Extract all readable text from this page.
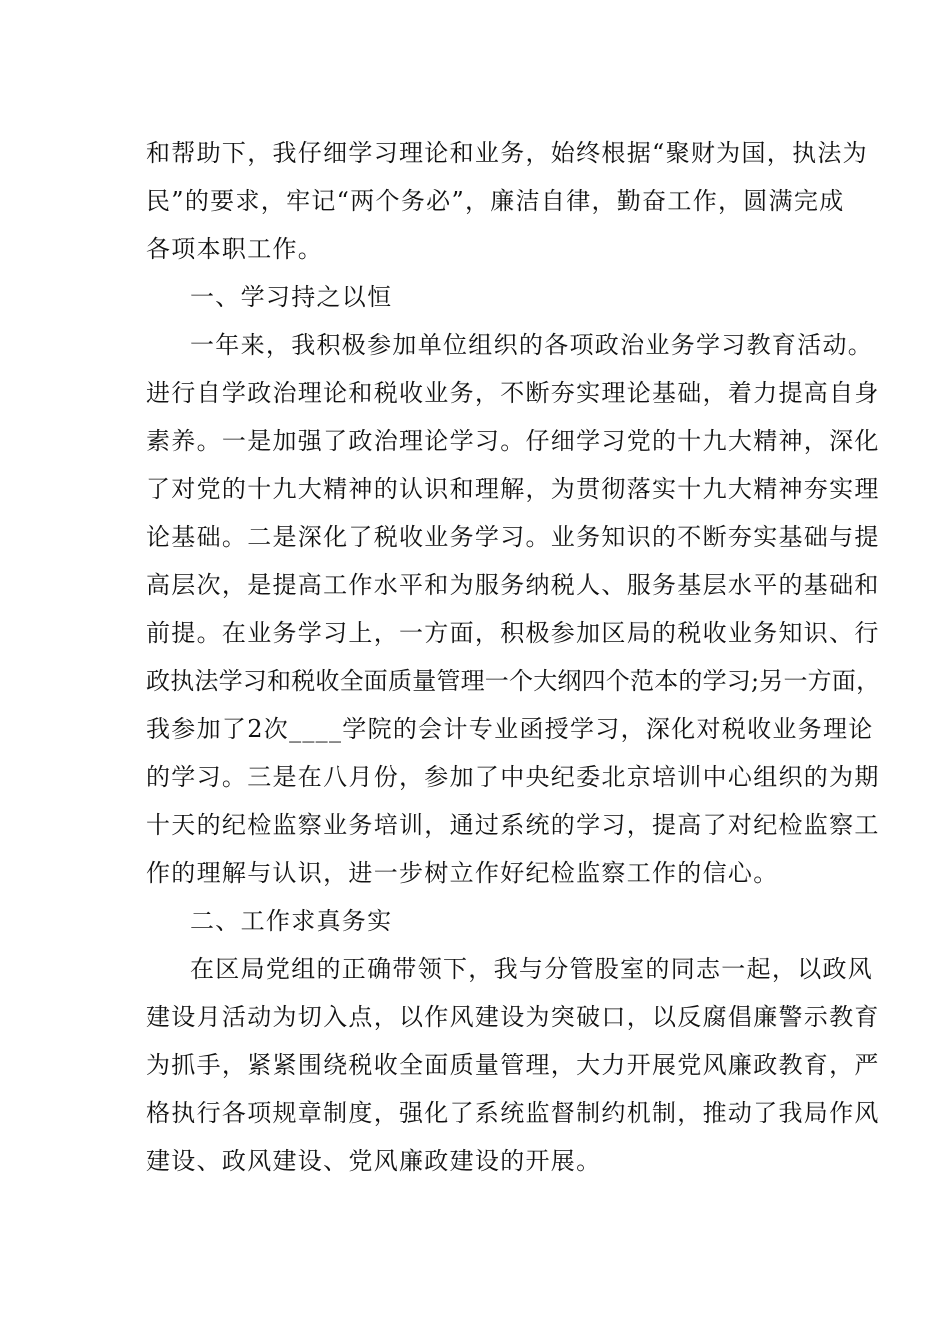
和帮助下，我仔细学习理论和业务，始终根据“聚财为国，执法为

民”的要求，牢记“两个务必”，廉洁自律，勤奋工作，圆满完成

各项本职工作。

一、学习持之以恒

一年来，我积极参加单位组织的各项政治业务学习教育活动。

进行自学政治理论和税收业务，不断夯实理论基础，着力提高自身

素养。一是加强了政治理论学习。仔细学习党的十九大精神，深化

了对党的十九大精神的认识和理解，为贯彻落实十九大精神夯实理

论基础。二是深化了税收业务学习。业务知识的不断夯实基础与提

高层次，是提高工作水平和为服务纳税人、服务基层水平的基础和

前提。在业务学习上，一方面，积极参加区局的税收业务知识、行

政执法学习和税收全面质量管理一个大纲四个范本的学习;另一方面，

我参加了2次____学院的会计专业函授学习，深化对税收业务理论

的学习。三是在八月份，参加了中央纪委北京培训中心组织的为期

十天的纪检监察业务培训，通过系统的学习，提高了对纪检监察工

作的理解与认识，进一步树立作好纪检监察工作的信心。

二、工作求真务实

在区局党组的正确带领下，我与分管股室的同志一起，以政风

建设月活动为切入点，以作风建设为突破口，以反腐倡廉警示教育

为抓手，紧紧围绕税收全面质量管理，大力开展党风廉政教育，严

格执行各项规章制度，强化了系统监督制约机制，推动了我局作风

建设、政风建设、党风廉政建设的开展。
